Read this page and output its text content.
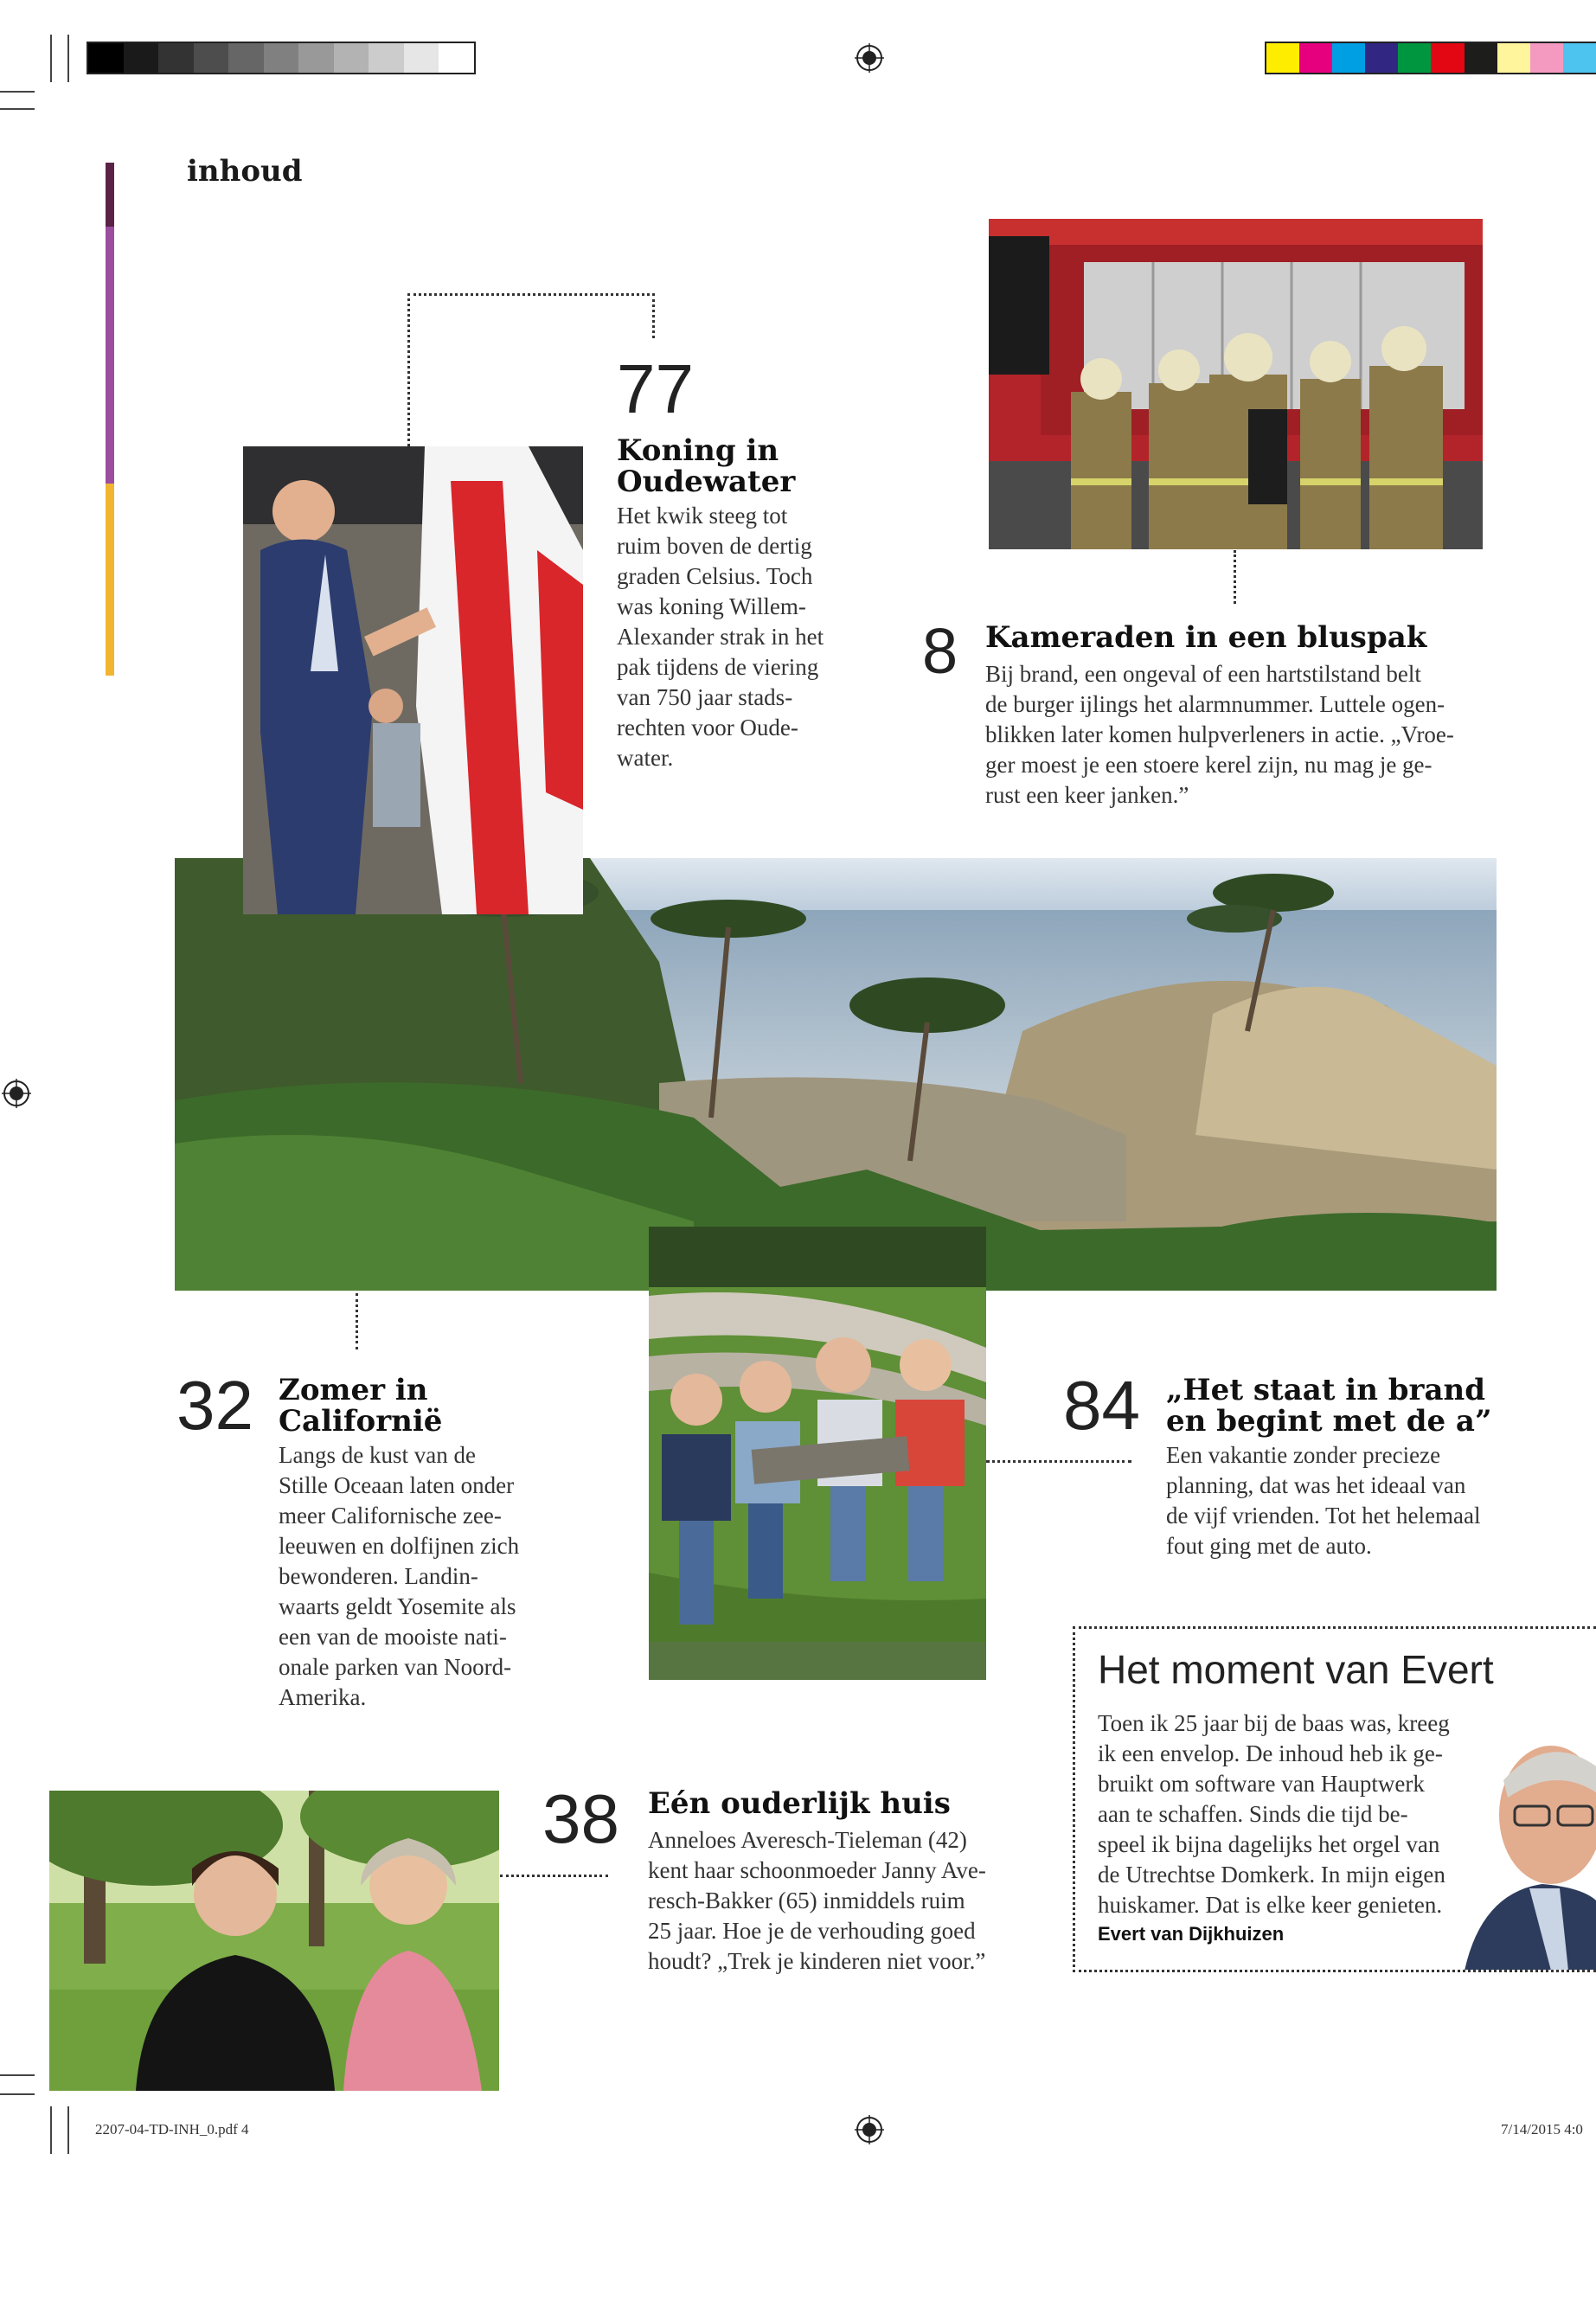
inhoud
77
Koning in
Oudewater
Het kwik steeg tot
ruim boven de dertig
graden Celsius. Toch
was koning Willem-
Alexander strak in het
pak tijdens de viering
van 750 jaar stads-
rechten voor Oude-
water.
8 Kameraden in een bluspak
Bij brand, een ongeval of een hartstilstand belt
de burger ijlings het alarmnummer. Luttele ogen-
blikken later komen hulpverleners in actie. „Vroe-
ger moest je een stoere kerel zijn, nu mag je ge-
rust een keer janken.”
32 Zomer in
Californië
Langs de kust van de
Stille Oceaan laten onder
meer Californische zee-
leeuwen en dolfijnen zich
bewonderen. Landin-
waarts geldt Yosemite als
een van de mooiste nati-
onale parken van Noord-
Amerika.
84 „Het staat in brand
en begint met de a”
Een vakantie zonder precieze
planning, dat was het ideaal van
de vijf vrienden. Tot het helemaal
fout ging met de auto.
Het moment van Evert
Toen ik 25 jaar bij de baas was, kreeg
ik een envelop. De inhoud heb ik ge-
bruikt om software van Hauptwerk
aan te schaffen. Sinds die tijd be-
speel ik bijna dagelijks het orgel van
de Utrechtse Domkerk. In mijn eigen
huiskamer. Dat is elke keer genieten.
Evert van Dijkhuizen
38 Eén ouderlijk huis
Anneloes Averesch-Tieleman (42)
kent haar schoonmoeder Janny Ave-
resch-Bakker (65) inmiddels ruim
25 jaar. Hoe je de verhouding goed
houdt? „Trek je kinderen niet voor.”
2207-04-TD-INH_0.pdf 4	7/14/2015 4:0
